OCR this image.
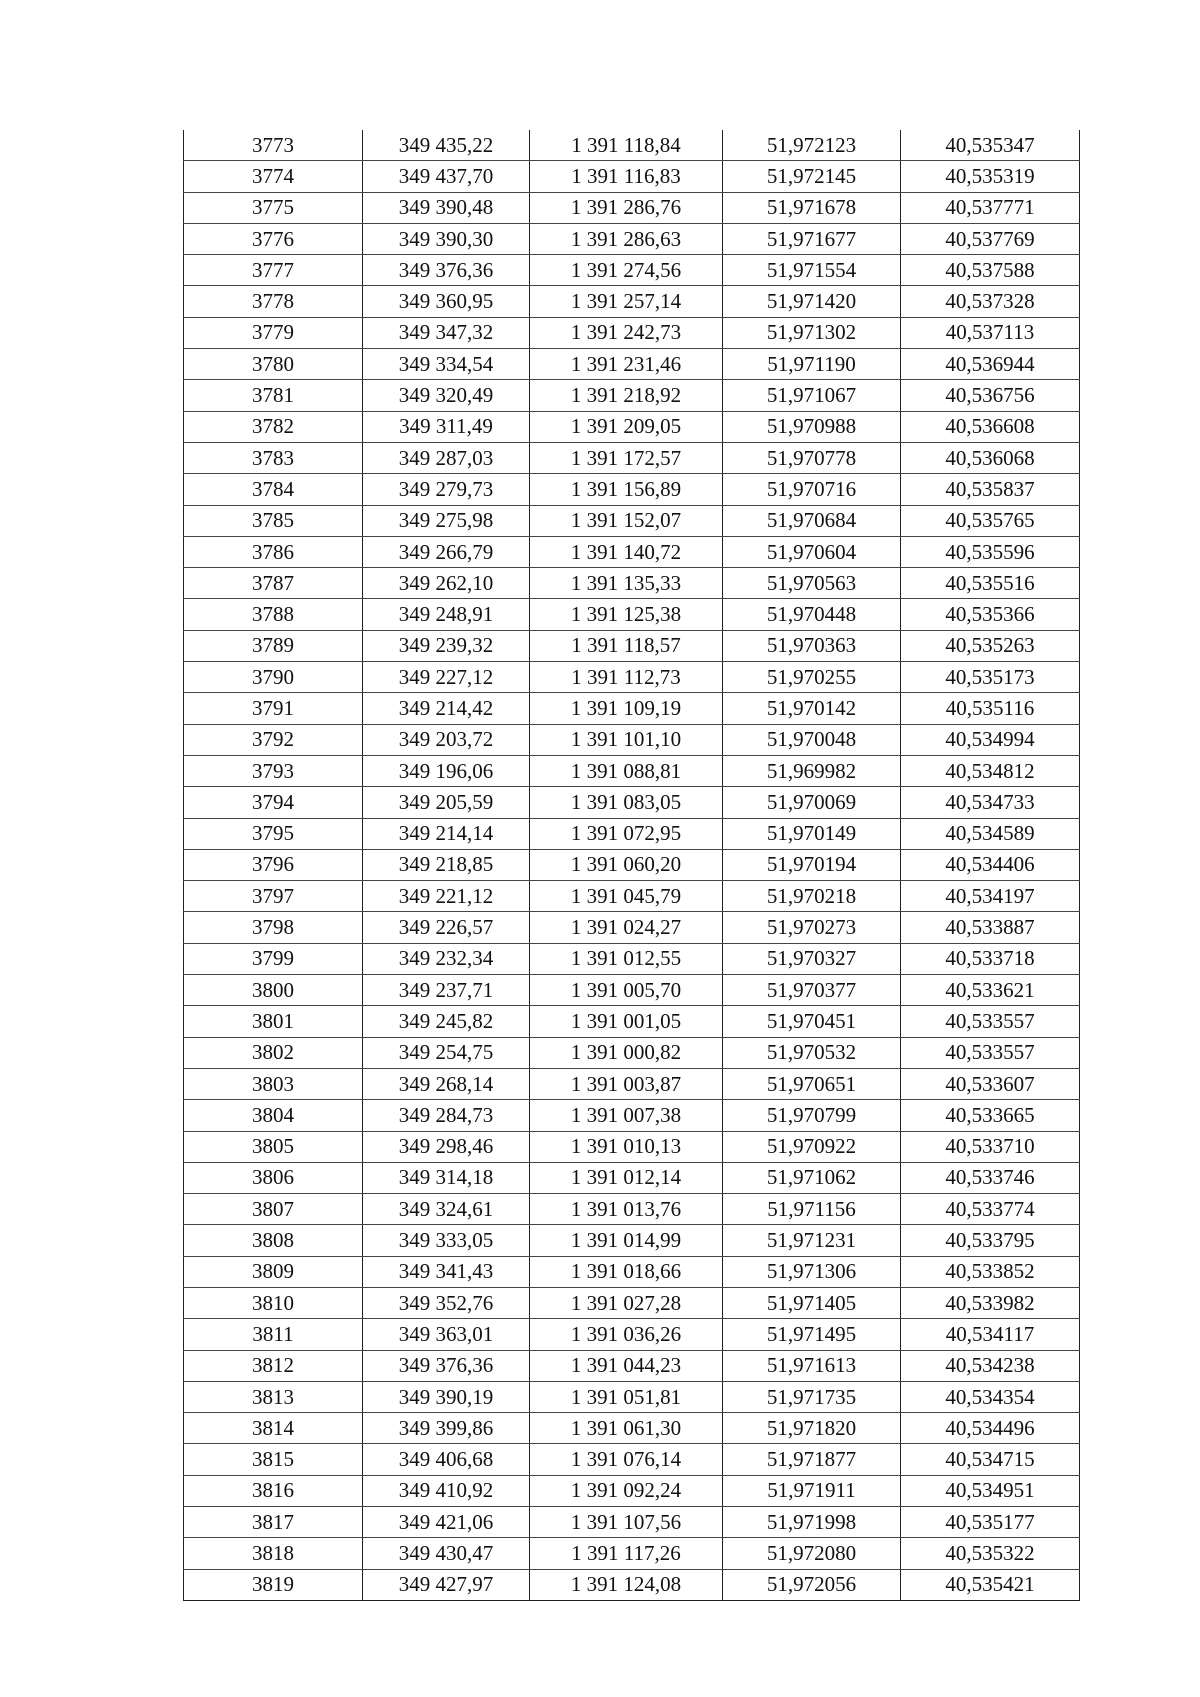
3773	349 435,22	1 391 118,84	51,972123	40,535347
3774	349 437,70	1 391 116,83	51,972145	40,535319
3775	349 390,48	1 391 286,76	51,971678	40,537771
3776	349 390,30	1 391 286,63	51,971677	40,537769
3777	349 376,36	1 391 274,56	51,971554	40,537588
3778	349 360,95	1 391 257,14	51,971420	40,537328
3779	349 347,32	1 391 242,73	51,971302	40,537113
3780	349 334,54	1 391 231,46	51,971190	40,536944
3781	349 320,49	1 391 218,92	51,971067	40,536756
3782	349 311,49	1 391 209,05	51,970988	40,536608
3783	349 287,03	1 391 172,57	51,970778	40,536068
3784	349 279,73	1 391 156,89	51,970716	40,535837
3785	349 275,98	1 391 152,07	51,970684	40,535765
3786	349 266,79	1 391 140,72	51,970604	40,535596
3787	349 262,10	1 391 135,33	51,970563	40,535516
3788	349 248,91	1 391 125,38	51,970448	40,535366
3789	349 239,32	1 391 118,57	51,970363	40,535263
3790	349 227,12	1 391 112,73	51,970255	40,535173
3791	349 214,42	1 391 109,19	51,970142	40,535116
3792	349 203,72	1 391 101,10	51,970048	40,534994
3793	349 196,06	1 391 088,81	51,969982	40,534812
3794	349 205,59	1 391 083,05	51,970069	40,534733
3795	349 214,14	1 391 072,95	51,970149	40,534589
3796	349 218,85	1 391 060,20	51,970194	40,534406
3797	349 221,12	1 391 045,79	51,970218	40,534197
3798	349 226,57	1 391 024,27	51,970273	40,533887
3799	349 232,34	1 391 012,55	51,970327	40,533718
3800	349 237,71	1 391 005,70	51,970377	40,533621
3801	349 245,82	1 391 001,05	51,970451	40,533557
3802	349 254,75	1 391 000,82	51,970532	40,533557
3803	349 268,14	1 391 003,87	51,970651	40,533607
3804	349 284,73	1 391 007,38	51,970799	40,533665
3805	349 298,46	1 391 010,13	51,970922	40,533710
3806	349 314,18	1 391 012,14	51,971062	40,533746
3807	349 324,61	1 391 013,76	51,971156	40,533774
3808	349 333,05	1 391 014,99	51,971231	40,533795
3809	349 341,43	1 391 018,66	51,971306	40,533852
3810	349 352,76	1 391 027,28	51,971405	40,533982
3811	349 363,01	1 391 036,26	51,971495	40,534117
3812	349 376,36	1 391 044,23	51,971613	40,534238
3813	349 390,19	1 391 051,81	51,971735	40,534354
3814	349 399,86	1 391 061,30	51,971820	40,534496
3815	349 406,68	1 391 076,14	51,971877	40,534715
3816	349 410,92	1 391 092,24	51,971911	40,534951
3817	349 421,06	1 391 107,56	51,971998	40,535177
3818	349 430,47	1 391 117,26	51,972080	40,535322
3819	349 427,97	1 391 124,08	51,972056	40,535421
